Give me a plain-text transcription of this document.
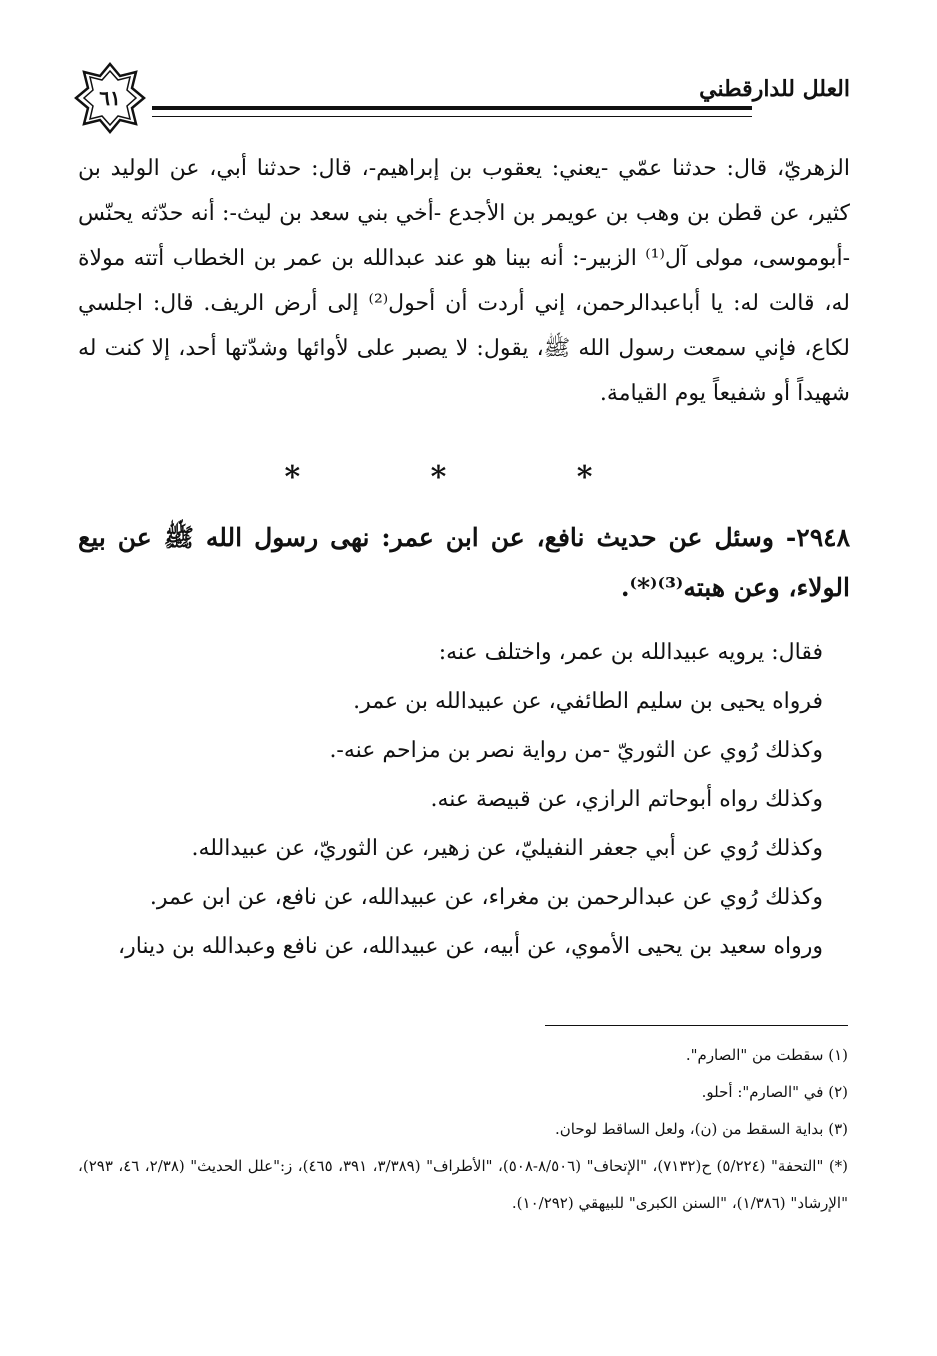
٦١	العلل للدارقطني

الزهريّ، قال: حدثنا عمّي -يعني: يعقوب بن إبراهيم-، قال: حدثنا أبي، عن الوليد بن كثير، عن قطن بن وهب بن عويمر بن الأجدع -أخي بني سعد بن ليث-: أنه حدّثه يحنّس -أبوموسى، مولى آل⁽¹⁾ الزبير-: أنه بينا هو عند عبدالله بن عمر بن الخطاب أتته مولاة له، قالت له: يا أباعبدالرحمن، إني أردت أن أحول⁽²⁾ إلى أرض الريف. قال: اجلسي لكاع، فإني سمعت رسول الله ﷺ، يقول: لا يصبر على لأوائها وشدّتها أحد، إلا كنت له شهيداً أو شفيعاً يوم القيامة.

* * *

٢٩٤٨- وسئل عن حديث نافع، عن ابن عمر: نهى رسول الله ﷺ عن بيع الولاء، وعن هبته⁽³⁾⁽*⁾.

فقال: يرويه عبيدالله بن عمر، واختلف عنه:
فرواه يحيى بن سليم الطائفي، عن عبيدالله بن عمر.
وكذلك رُوي عن الثوريّ -من رواية نصر بن مزاحم عنه-.
وكذلك رواه أبوحاتم الرازي، عن قبيصة عنه.
وكذلك رُوي عن أبي جعفر النفيليّ، عن زهير، عن الثوريّ، عن عبيدالله.
وكذلك رُوي عن عبدالرحمن بن مغراء، عن عبيدالله، عن نافع، عن ابن عمر.
ورواه سعيد بن يحيى الأموي، عن أبيه، عن عبيدالله، عن نافع وعبدالله بن دينار،
(١) سقطت من "الصارم".
(٢) في "الصارم": أحلو.
(٣) بداية السقط من (ن)، ولعل الساقط لوحان.
(*) "التحفة" (٥/٢٢٤) ح(٧١٣٢)، "الإتحاف" (٨/٥٠٦-٥٠٨)، "الأطراف" (٣/٣٨٩، ٣٩١، ٤٦٥)، ز:"علل الحديث" (٢/٣٨، ٤٦، ٢٩٣)، "الإرشاد" (١/٣٨٦)، "السنن الكبرى" للبيهقي (١٠/٢٩٢).
